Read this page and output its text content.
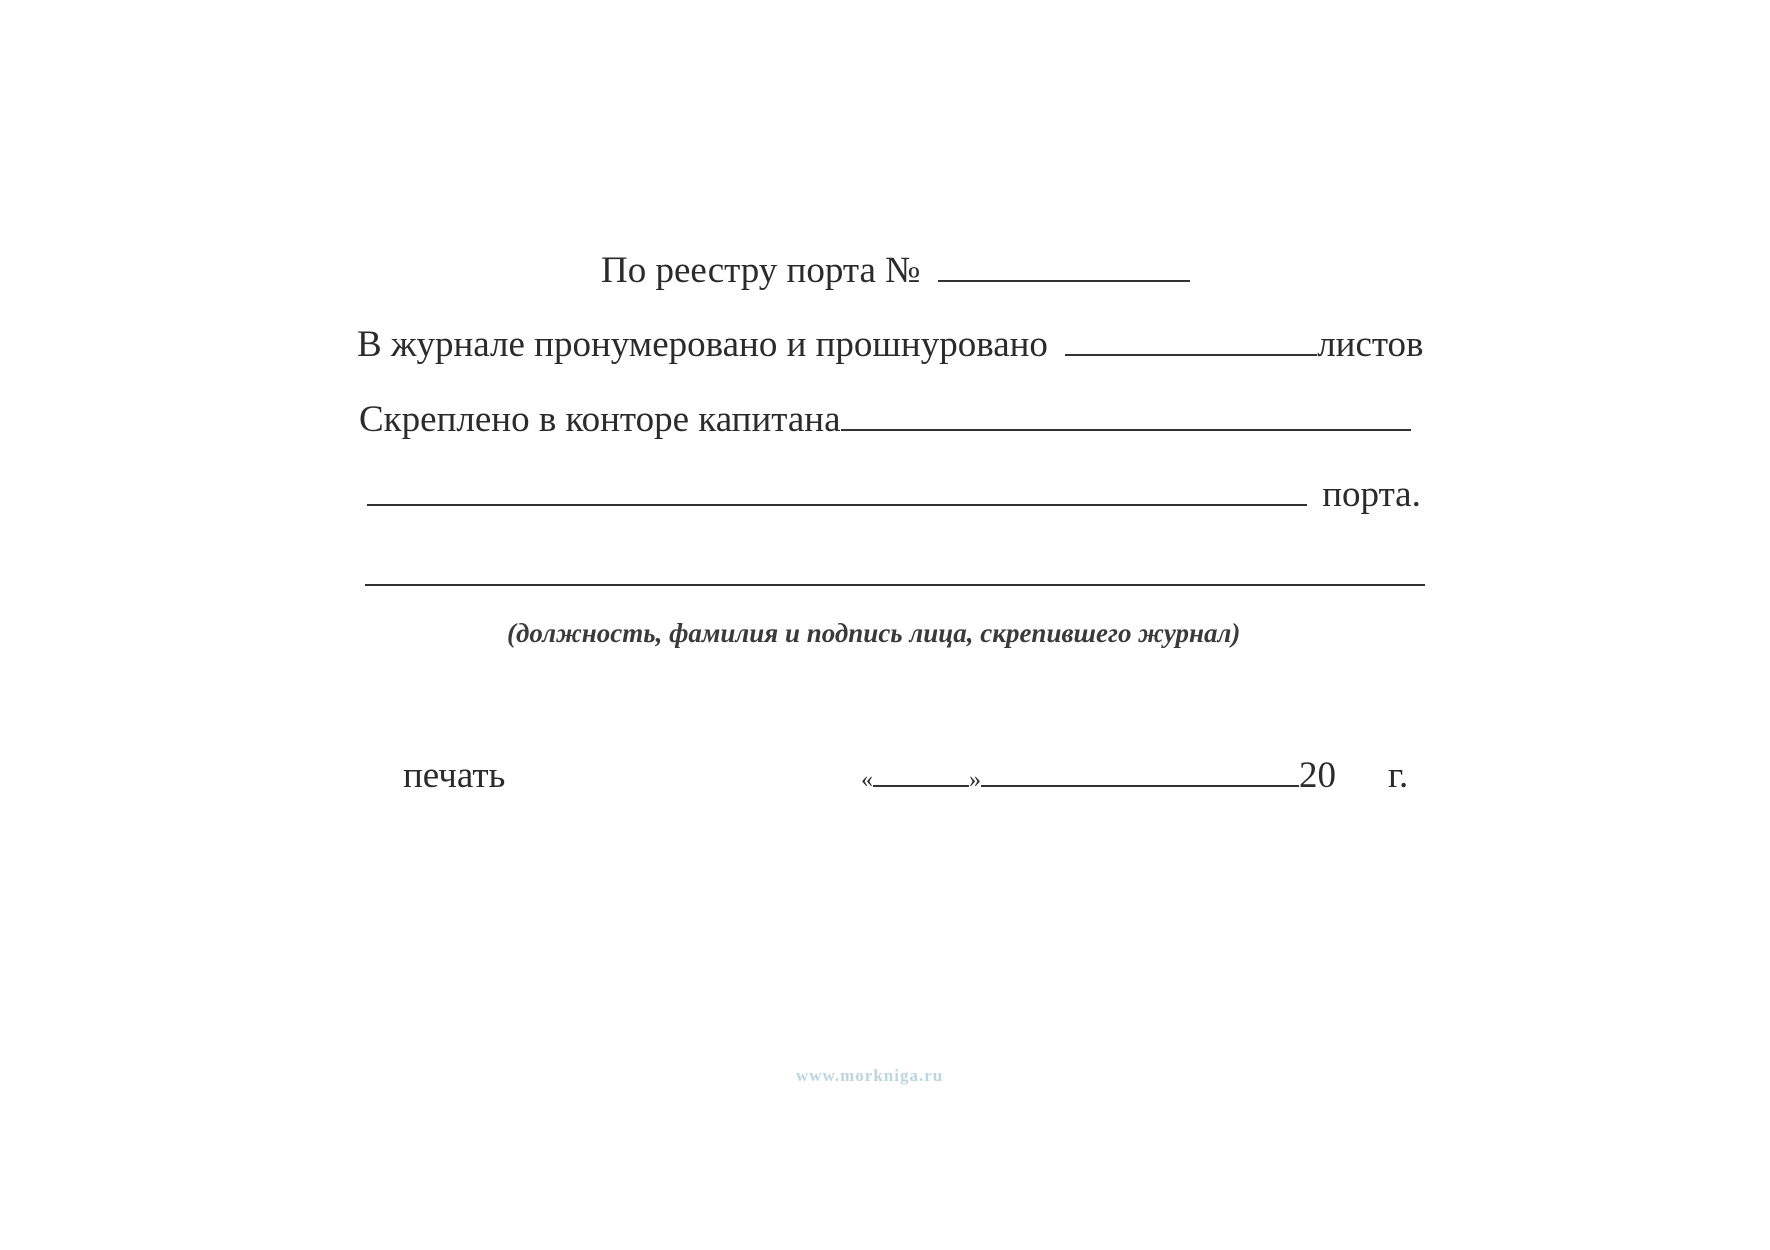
По реестру порта №
В журнале пронумеровано и прошнуровано	листов
Скреплено в конторе капитана
порта.
(должность, фамилия и подпись лица, скрепившего журнал)
печать	«	»	20 г.
www.morkniga.ru
